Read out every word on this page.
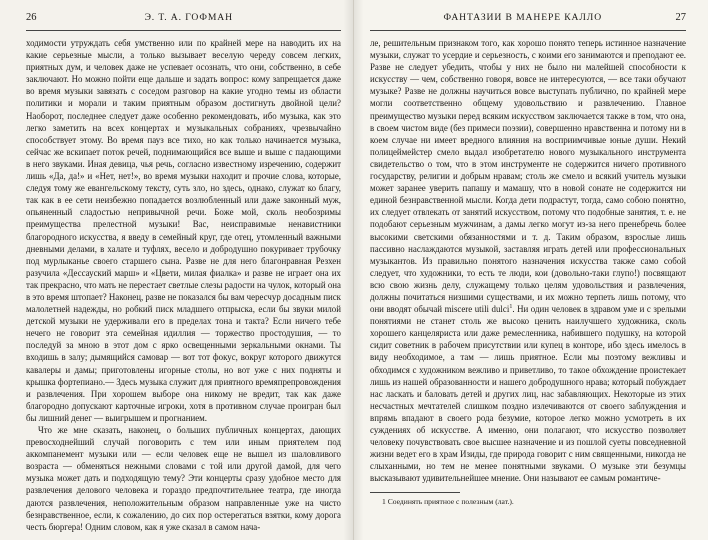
26	Э. Т. А. ГОФМАН

ходимости утруждать себя умственно или по крайней мере на наводить их на какие серьезные мысли, а только вызывает веселую череду совсем легких, приятных дум, и человек даже не успевает осознать, что они, собственно, в себе заключают. Но можно пойти еще дальше и задать вопрос: кому запрещается даже во время музыки завязать с соседом разговор на какие угодно темы из области политики и морали и таким приятным образом достигнуть двойной цели? Наоборот, последнее следует даже особенно рекомендовать, ибо музыка, как это легко заметить на всех концертах и музыкальных собраниях, чрезвычайно способствует этому. Во время пауз все тихо, но как только начинается музыка, сейчас же вскипает поток речей, поднимающийся все выше и выше с падающими в него звуками. Иная девица, чья речь, согласно известному изречению, содержит лишь «Да, да!» и «Нет, нет!», во время музыки находит и прочие слова, которые, следуя тому же евангельскому тексту, суть зло, но здесь, однако, служат ко благу, так как в ее сети неизбежно попадается возлюбленный или даже законный муж, опьяненный сладостью непривычной речи. Боже мой, сколь необозримы преимущества прелестной музыки! Вас, неисправимые ненавистники благородного искусства, я введу в семейный круг, где отец, утомленный важными дневными делами, в халате и туфлях, весело и добродушно покуривает трубочку под мурлыканье своего старшего сына. Разве не для него благонравная Резхен разучила «Дессауский марш» и «Цвети, милая фиалка» и разве не играет она их так прекрасно, что мать не перестает светлые слезы радости на чулок, который она в это время штопает? Наконец, разве не показался бы вам чересчур досадным писк малолетней надежды, но робкий писк младшего отпрыска, если бы звуки милой детской музыки не удерживали его в пределах тона и такта? Если ничего тебе нечего не говорит эта семейная идиллия — торжество простодушия, — то последуй за мною в этот дом с ярко освещенными зеркальными окнами. Ты входишь в залу; дымящийся самовар — вот тот фокус, вокруг которого движутся кавалеры и дамы; приготовлены игорные столы, но вот уже с них подняты и крышка фортепиано.— Здесь музыка служит для приятного времяпрепровождения и развлечения. При хорошем выборе она никому не вредит, так как даже благородно допускают карточные игроки, хотя в противном случае проигран был бы лишний денег — выигрышем и прогнанием.

Что же мне сказать, наконец, о больших публичных концертах, дающих превосходнейший случай поговорить с тем или иным приятелем под аккомпанемент музыки или — если человек еще не вышел из шаловливого возраста — обменяться нежными словами с той или другой дамой, для чего музыка может дать и подходящую тему? Эти концерты сразу удобное место для развлечения делового человека и гораздо предпочтительнее театра, где иногда даются развлечения, неположительным образом направленные уже на чисто безнравственное, если, к сожалению, до сих пор остерегаться взятки, кому дорога честь бюргера! Одним словом, как я уже сказал в самом нача-

ФАНТАЗИИ В МАНЕРЕ КАЛЛО	27

ле, решительным признаком того, как хорошо понято теперь истинное назначение музыки, служат то усердие и серьезность, с коими его занимаются и преподают ее. Разве не следует убедить, чтобы у них не было ни малейшей способности к искусству — чем, собственно говоря, вовсе не интересуются, — все таки обучают музыке? Разве не должны научиться вовсе выступать публично, по крайней мере могли соответственно общему удовольствию и развлечению. Главное преимущество музыки перед всяким искусством заключается также в том, что она, в своем чистом виде (без примеси поэзии), совершенно нравственна и потому ни в коем случае ни имеет вредного влияния на восприимчивые юные души. Некий полицеймейстер смело выдал изобретателю нового музыкального инструмента свидетельство о том, что в этом инструменте не содержится ничего противного государству, религии и добрым нравам; столь же смело и всякий учитель музыки может заранее уверить папашу и мамашу, что в новой сонате не содержится ни единой безнравственной мысли. Когда дети подрастут, тогда, само собою понятно, их следует отвлекать от занятий искусством, потому что подобные занятия, т. е. не подобают серьезным мужчинам, а дамы легко могут из-за него пренебречь более высокими светскими обязанностями и т. д. Таким образом, взрослые лишь пассивно наслаждаются музыкой, заставляя играть детей или профессиональных музыкантов. Из правильно понятого назначения искусства также само собой следует, что художники, то есть те люди, кои (довольно-таки глупо!) посвящают всю свою жизнь делу, служащему только целям удовольствия и развлечения, должны почитаться низшими существами, и их можно терпеть лишь потому, что они вводят обычай miscere utili dulci$^1$. Ни один человек в здравом уме и с зрелыми понятиями не станет столь же высоко ценить наилучшего художника, сколь хорошего канцеляриста или даже ремесленника, набившего подушку, на которой сидит советник в рабочем присутствии или купец в конторе, ибо здесь имелось в виду необходимое, а там — лишь приятное. Если мы поэтому вежливы и обходимся с художником вежливо и приветливо, то такое обхождение проистекает лишь из нашей образованности и нашего добродушного нрава; который побуждает нас ласкать и баловать детей и других лиц, нас забавляющих. Некоторые из этих несчастных мечтателей слишком поздно излечиваются от своего заблуждения и впрямь впадают в своего рода безумие, которое легко можно усмотреть в их суждениях об искусстве. А именно, они полагают, что искусство позволяет человеку почувствовать свое высшее назначение и из пошлой суеты повседневной жизни ведет его в храм Изиды, где природа говорит с ним священными, никогда не слыханными, но тем не менее понятными звуками. О музыке эти безумцы высказывают удивительнейшее мнение. Они называют ее самым романтиче-

1 Соединять приятное с полезным (лат.).
